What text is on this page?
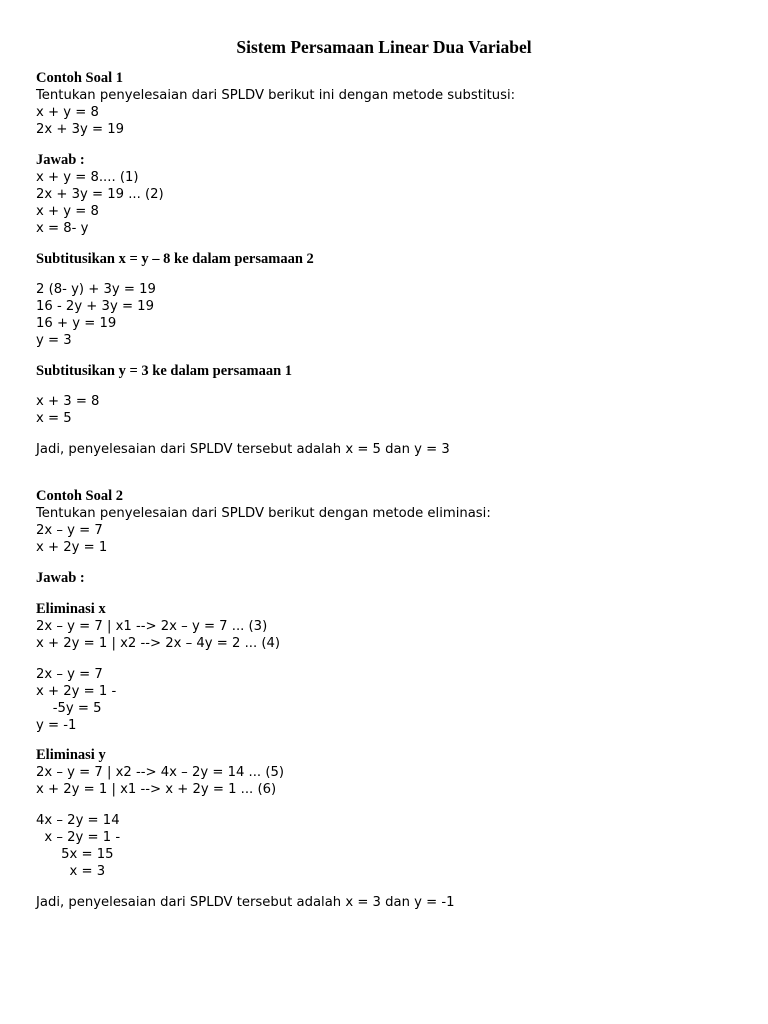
Sistem Persamaan Linear Dua Variabel
Contoh Soal 1
Tentukan penyelesaian dari SPLDV berikut ini dengan metode substitusi:
x + y = 8
2x + 3y = 19
Jawab :
x + y = 8.... (1)
2x + 3y = 19 ... (2)
x + y = 8
x = 8- y
Subtitusikan x = y – 8 ke dalam persamaan 2
2 (8- y) + 3y = 19
16 - 2y + 3y = 19
16 + y = 19
y = 3
Subtitusikan y = 3 ke dalam persamaan 1
x + 3 = 8
x = 5
Jadi, penyelesaian dari SPLDV tersebut adalah x = 5 dan y = 3
Contoh Soal 2
Tentukan penyelesaian dari SPLDV berikut dengan metode eliminasi:
2x – y = 7
x + 2y = 1
Jawab :
Eliminasi x
2x – y = 7 | x1 --> 2x – y = 7 ... (3)
x + 2y = 1 | x2 --> 2x – 4y = 2 ... (4)
2x – y = 7
x + 2y = 1 -
-5y = 5
y = -1
Eliminasi y
2x – y = 7 | x2 --> 4x – 2y = 14 ... (5)
x + 2y = 1 | x1 --> x + 2y = 1 ... (6)
4x – 2y = 14
x – 2y = 1 -
5x = 15
x = 3
Jadi, penyelesaian dari SPLDV tersebut adalah x = 3 dan y = -1
